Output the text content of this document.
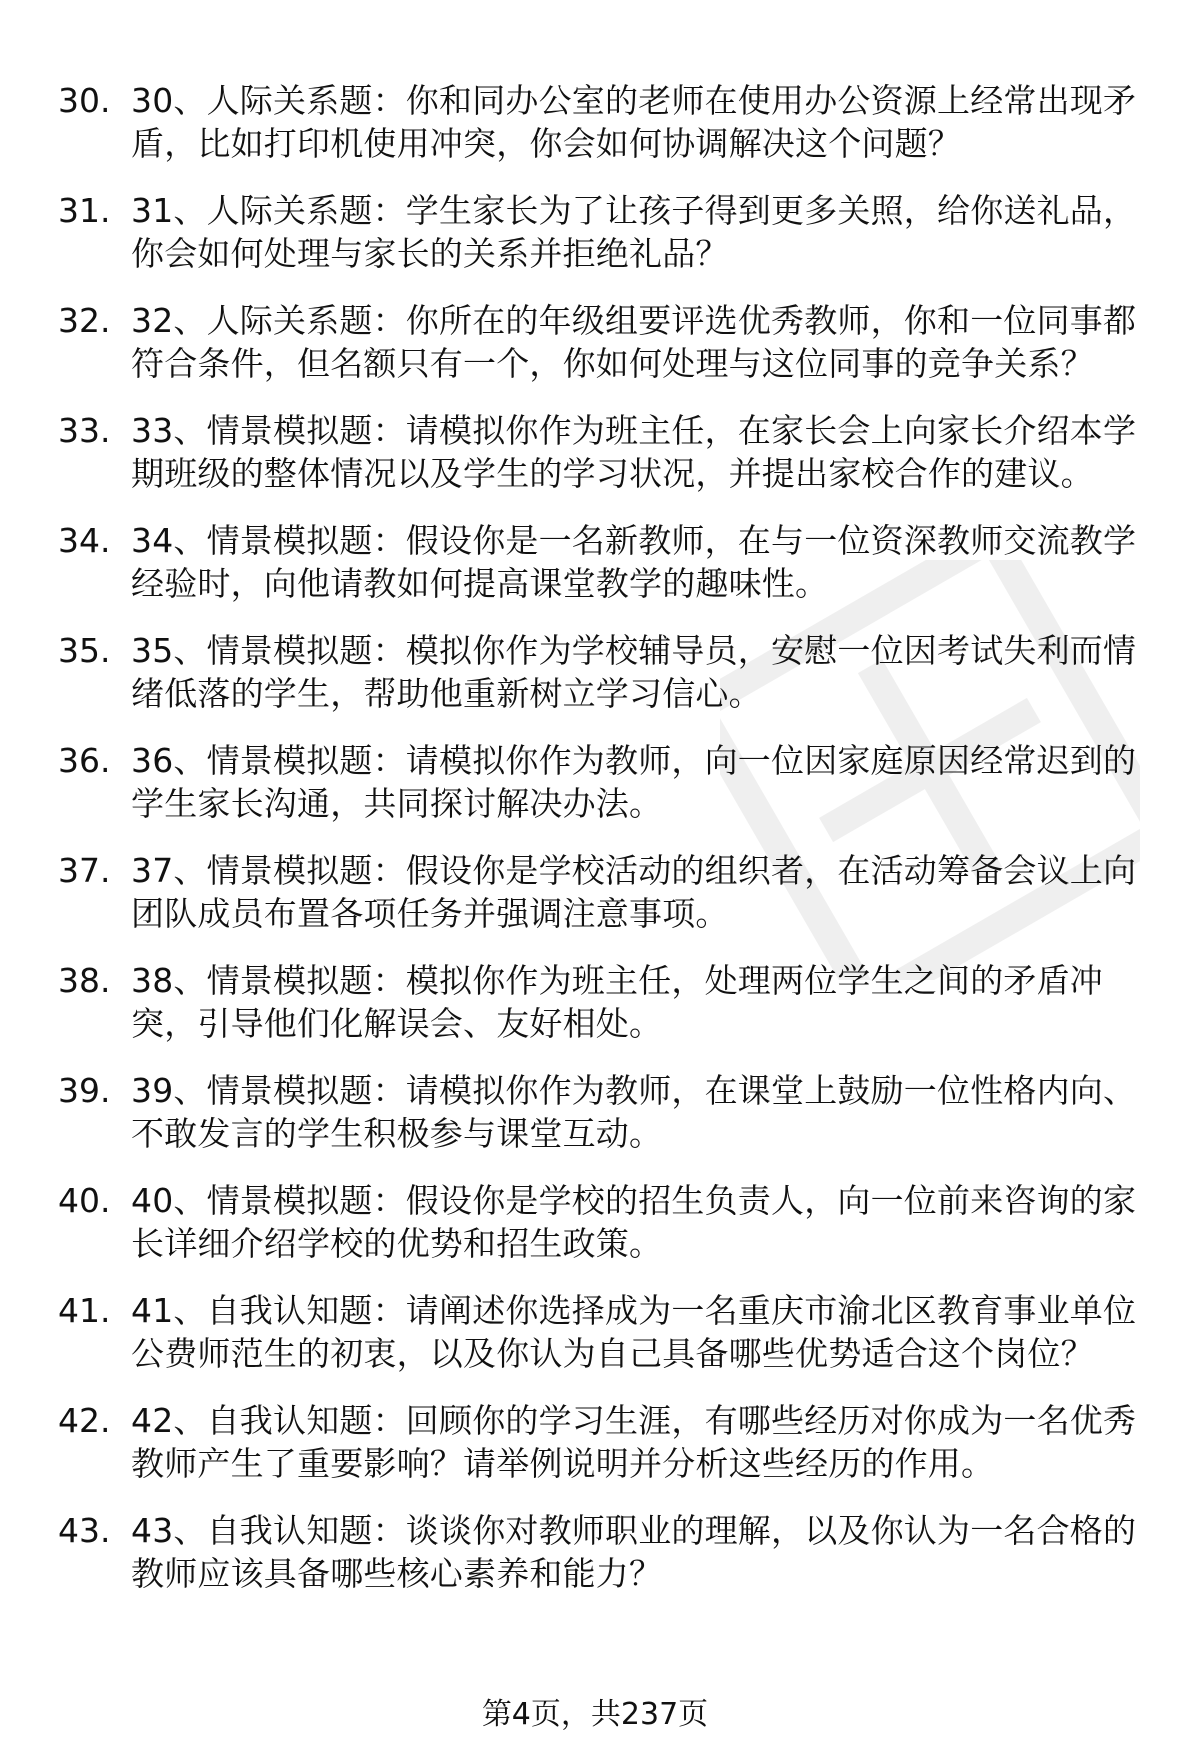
30. 30、人际关系题：你和同办公室的老师在使用办公资源上经常出现矛盾，比如打印机使用冲突，你会如何协调解决这个问题？
31. 31、人际关系题：学生家长为了让孩子得到更多关照，给你送礼品，你会如何处理与家长的关系并拒绝礼品？
32. 32、人际关系题：你所在的年级组要评选优秀教师，你和一位同事都符合条件，但名额只有一个，你如何处理与这位同事的竞争关系？
33. 33、情景模拟题：请模拟你作为班主任，在家长会上向家长介绍本学期班级的整体情况以及学生的学习状况，并提出家校合作的建议。
34. 34、情景模拟题：假设你是一名新教师，在与一位资深教师交流教学经验时，向他请教如何提高课堂教学的趣味性。
35. 35、情景模拟题：模拟你作为学校辅导员，安慰一位因考试失利而情绪低落的学生，帮助他重新树立学习信心。
36. 36、情景模拟题：请模拟你作为教师，向一位因家庭原因经常迟到的学生家长沟通，共同探讨解决办法。
37. 37、情景模拟题：假设你是学校活动的组织者，在活动筹备会议上向团队成员布置各项任务并强调注意事项。
38. 38、情景模拟题：模拟你作为班主任，处理两位学生之间的矛盾冲突，引导他们化解误会、友好相处。
39. 39、情景模拟题：请模拟你作为教师，在课堂上鼓励一位性格内向、不敢发言的学生积极参与课堂互动。
40. 40、情景模拟题：假设你是学校的招生负责人，向一位前来咨询的家长详细介绍学校的优势和招生政策。
41. 41、自我认知题：请阐述你选择成为一名重庆市渝北区教育事业单位公费师范生的初衷，以及你认为自己具备哪些优势适合这个岗位？
42. 42、自我认知题：回顾你的学习生涯，有哪些经历对你成为一名优秀教师产生了重要影响？请举例说明并分析这些经历的作用。
43. 43、自我认知题：谈谈你对教师职业的理解，以及你认为一名合格的教师应该具备哪些核心素养和能力？
第4页，共237页
